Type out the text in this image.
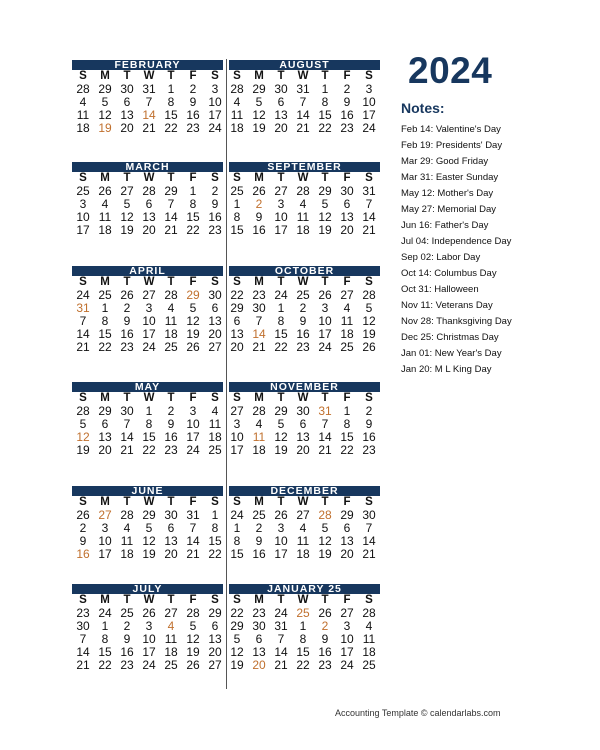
2024
Notes:
Feb 14: Valentine's Day
Feb 19: Presidents' Day
Mar 29: Good Friday
Mar 31: Easter Sunday
May 12: Mother's Day
May 27: Memorial Day
Jun 16: Father's Day
Jul 04: Independence Day
Sep 02: Labor Day
Oct 14: Columbus Day
Oct 31: Halloween
Nov 11: Veterans Day
Nov 28: Thanksgiving Day
Dec 25: Christmas Day
Jan 01: New Year's Day
Jan 20: M L King Day
FEBRUARY
S	M	T	W	T	F	S
28 29 30 31 1	2	3
4	5	6	7	8	9 10
11 12 13 14 15 16 17
18 19 20 21 22 23 24
AUGUST
S	M	T	W	T	F	S
28 29 30 31 1	2	3
4	5	6	7	8	9 10
11 12 13 14 15 16 17
18 19 20 21 22 23 24
MARCH
S	M	T	W	T	F	S
25 26 27 28 29 1	2
3	4	5	6	7	8	9
10 11 12 13 14 15 16
17 18 19 20 21 22 23
SEPTEMBER
S	M	T	W	T	F	S
25 26 27 28 29 30 31
1	2	3	4	5	6	7
8	9 10 11 12 13 14
15 16 17 18 19 20 21
APRIL
S	M	T	W	T	F	S
24 25 26 27 28 29 30
31 1	2	3	4	5	6
7	8	9 10 11 12 13
14 15 16 17 18 19 20
21 22 23 24 25 26 27
OCTOBER
S	M	T	W	T	F	S
22 23 24 25 26 27 28
29 30 1	2	3	4	5
6	7	8	9 10 11 12
13 14 15 16 17 18 19
20 21 22 23 24 25 26
MAY
S	M	T	W	T	F	S
28 29 30 1	2	3	4
5	6	7	8	9 10 11
12 13 14 15 16 17 18
19 20 21 22 23 24 25
NOVEMBER
S	M	T	W	T	F	S
27 28 29 30 31 1	2
3	4	5	6	7	8	9
10 11 12 13 14 15 16
17 18 19 20 21 22 23
JUNE
S	M	T	W	T	F	S
26 27 28 29 30 31 1
2	3	4	5	6	7	8
9 10 11 12 13 14 15
16 17 18 19 20 21 22
DECEMBER
S	M	T	W	T	F	S
24 25 26 27 28 29 30
1	2	3	4	5	6	7
8	9 10 11 12 13 14
15 16 17 18 19 20 21
JULY
S	M	T	W	T	F	S
23 24 25 26 27 28 29
30 1	2	3	4	5	6
7	8	9 10 11 12 13
14 15 16 17 18 19 20
21 22 23 24 25 26 27
JANUARY 25
S	M	T	W	T	F	S
22 23 24 25 26 27 28
29 30 31 1	2	3	4
5	6	7	8	9 10 11
12 13 14 15 16 17 18
19 20 21 22 23 24 25
Accounting Template © calendarlabs.com
